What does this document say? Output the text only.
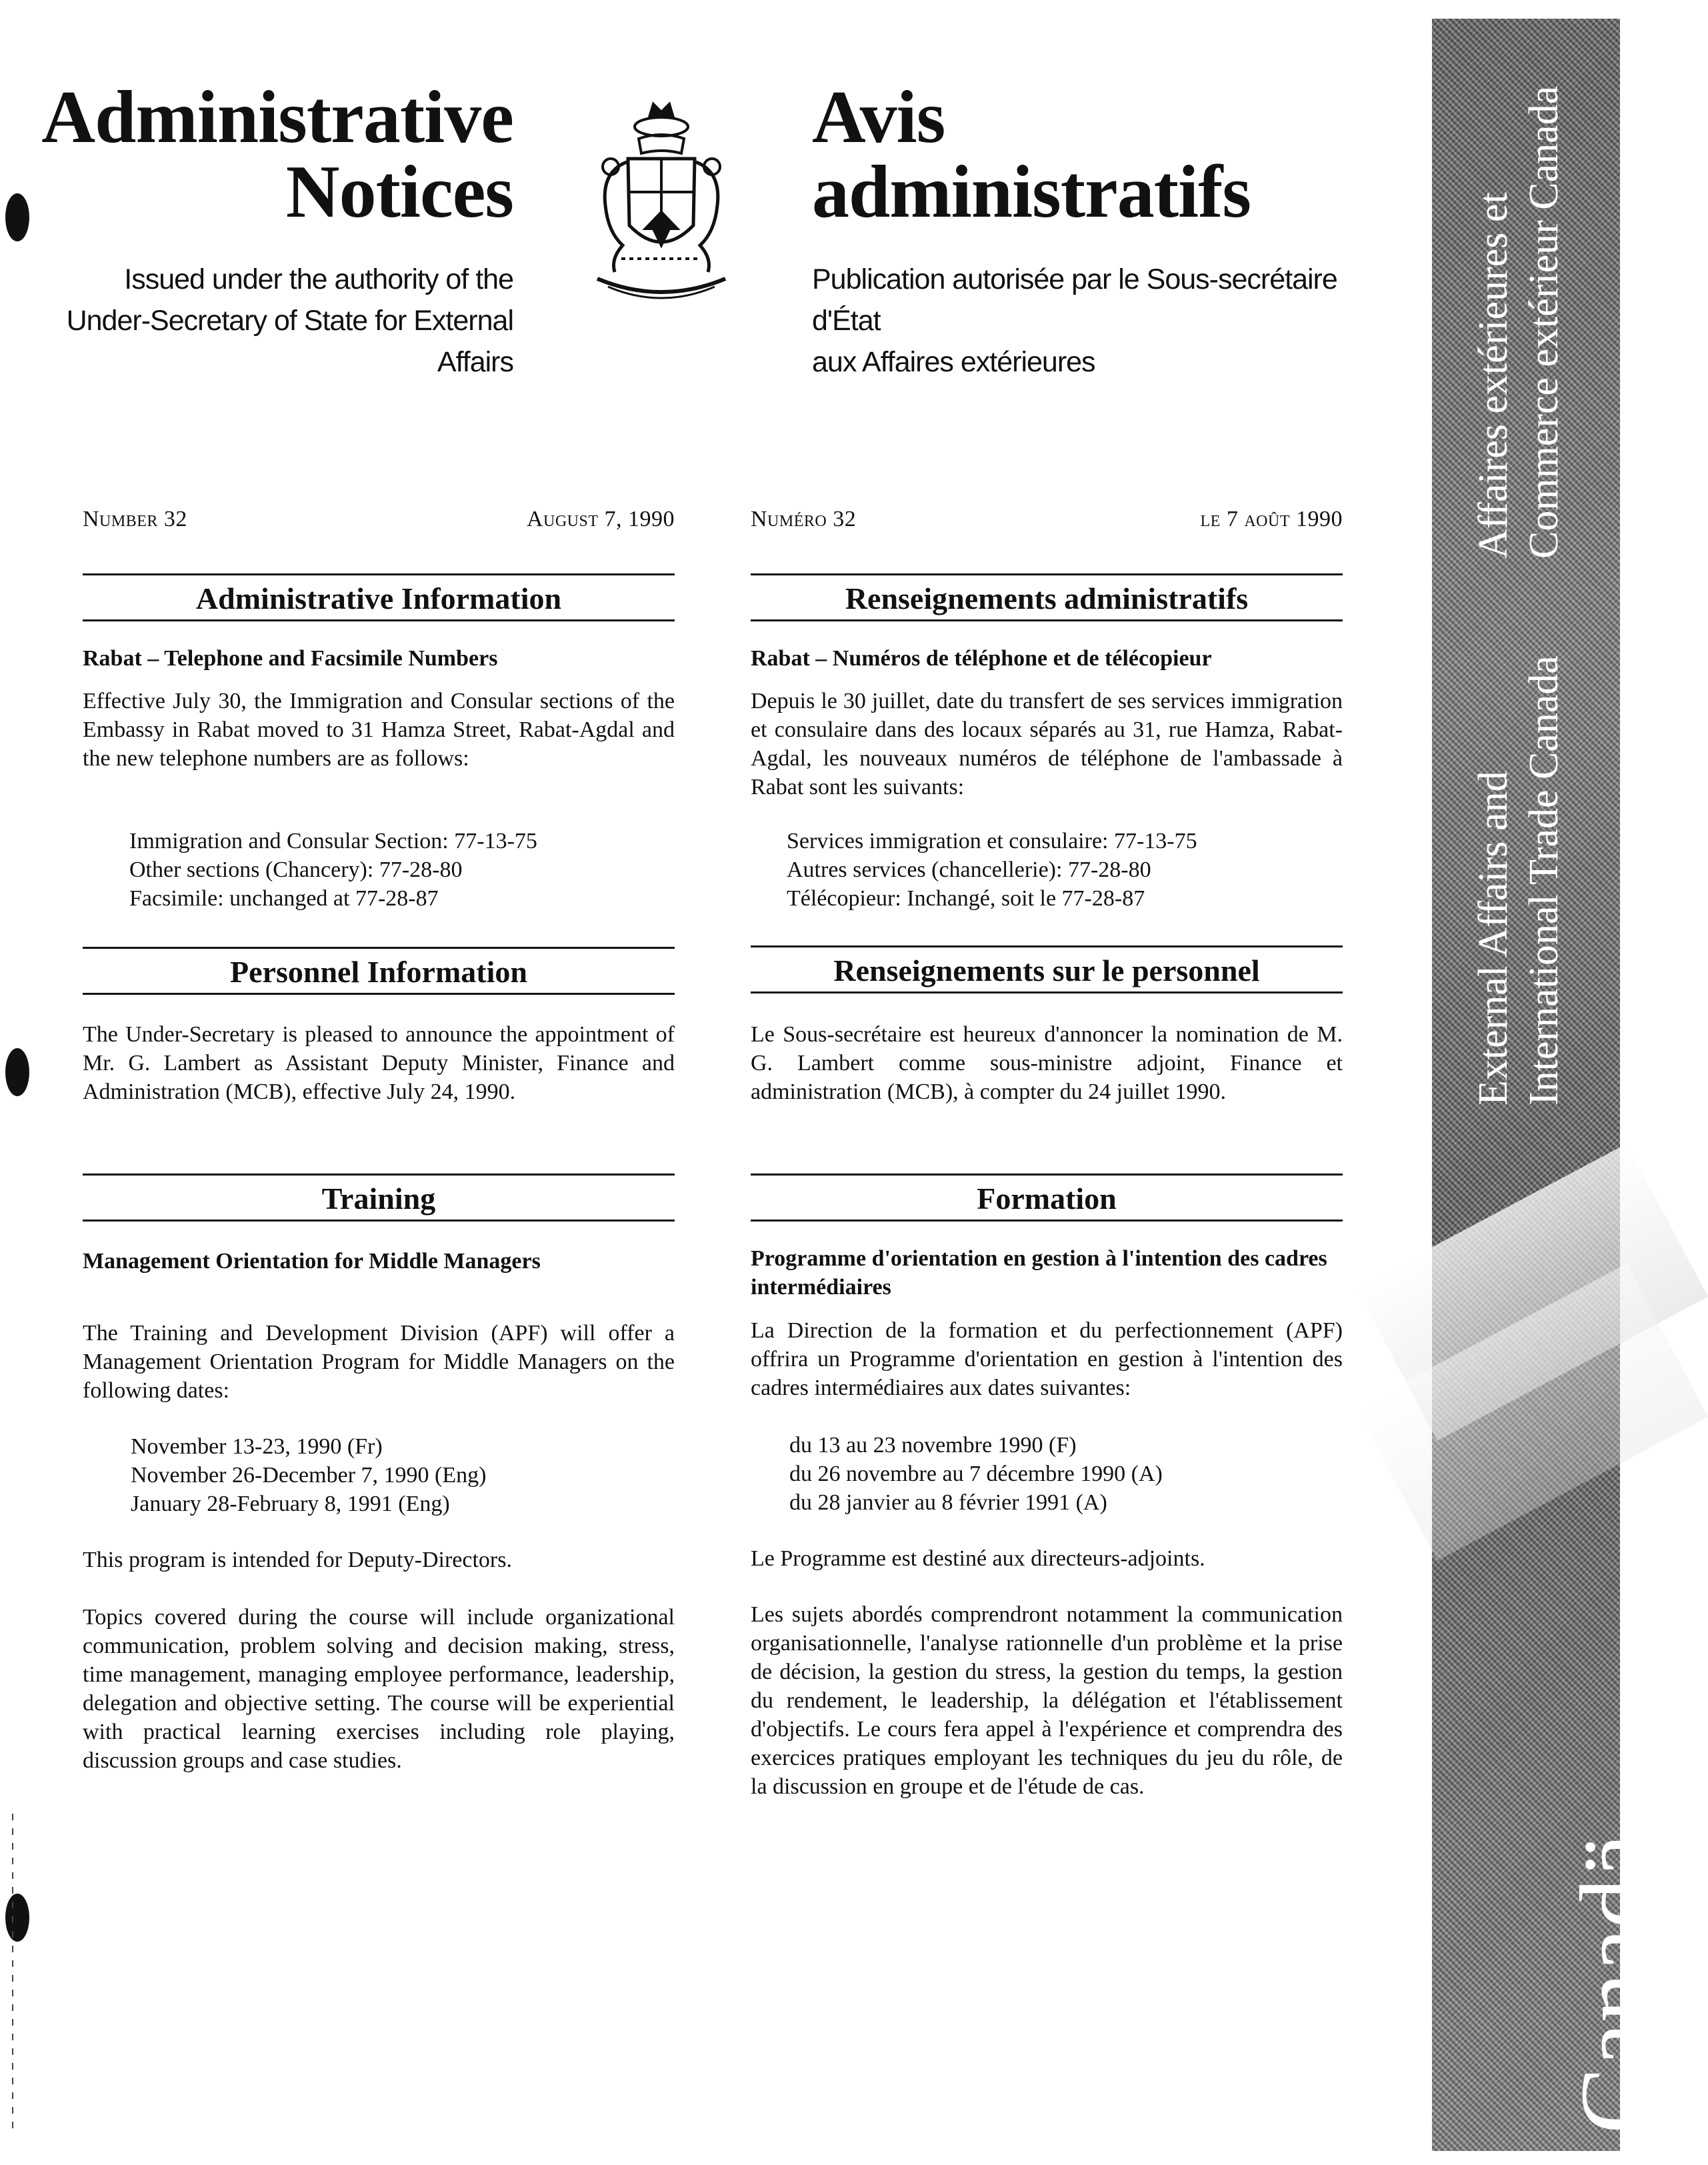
Administrative
Notices
Issued under the authority of the
Under-Secretary of State for External Affairs
Avis
administratifs
Publication autorisée par le Sous-secrétaire d'État
aux Affaires extérieures
External Affairs and International Trade Canada
Affaires extérieures et Commerce extérieur Canada
Canadä
Number 32	August 7, 1990
Administrative Information
Rabat – Telephone and Facsimile Numbers
Effective July 30, the Immigration and Consular sections of the Embassy in Rabat moved to 31 Hamza Street, Rabat-Agdal and the new telephone numbers are as follows:
Immigration and Consular Section: 77-13-75
Other sections (Chancery): 77-28-80
Facsimile: unchanged at 77-28-87
Personnel Information
The Under-Secretary is pleased to announce the appointment of Mr. G. Lambert as Assistant Deputy Minister, Finance and Administration (MCB), effective July 24, 1990.
Training
Management Orientation for Middle Managers
The Training and Development Division (APF) will offer a Management Orientation Program for Middle Managers on the following dates:
November 13-23, 1990 (Fr)
November 26-December 7, 1990 (Eng)
January 28-February 8, 1991 (Eng)
This program is intended for Deputy-Directors.
Topics covered during the course will include organizational communication, problem solving and decision making, stress, time management, managing employee performance, leadership, delegation and objective setting. The course will be experiential with practical learning exercises including role playing, discussion groups and case studies.
Numéro 32	le 7 août 1990
Renseignements administratifs
Rabat – Numéros de téléphone et de télécopieur
Depuis le 30 juillet, date du transfert de ses services immigration et consulaire dans des locaux séparés au 31, rue Hamza, Rabat-Agdal, les nouveaux numéros de téléphone de l'ambassade à Rabat sont les suivants:
Services immigration et consulaire: 77-13-75
Autres services (chancellerie): 77-28-80
Télécopieur: Inchangé, soit le 77-28-87
Renseignements sur le personnel
Le Sous-secrétaire est heureux d'annoncer la nomination de M. G. Lambert comme sous-ministre adjoint, Finance et administration (MCB), à compter du 24 juillet 1990.
Formation
Programme d'orientation en gestion à l'intention des cadres intermédiaires
La Direction de la formation et du perfectionnement (APF) offrira un Programme d'orientation en gestion à l'intention des cadres intermédiaires aux dates suivantes:
du 13 au 23 novembre 1990 (F)
du 26 novembre au 7 décembre 1990 (A)
du 28 janvier au 8 février 1991 (A)
Le Programme est destiné aux directeurs-adjoints.
Les sujets abordés comprendront notamment la communication organisationnelle, l'analyse rationnelle d'un problème et la prise de décision, la gestion du stress, la gestion du temps, la gestion du rendement, le leadership, la délégation et l'établissement d'objectifs. Le cours fera appel à l'expérience et comprendra des exercices pratiques employant les techniques du jeu du rôle, de la discussion en groupe et de l'étude de cas.
